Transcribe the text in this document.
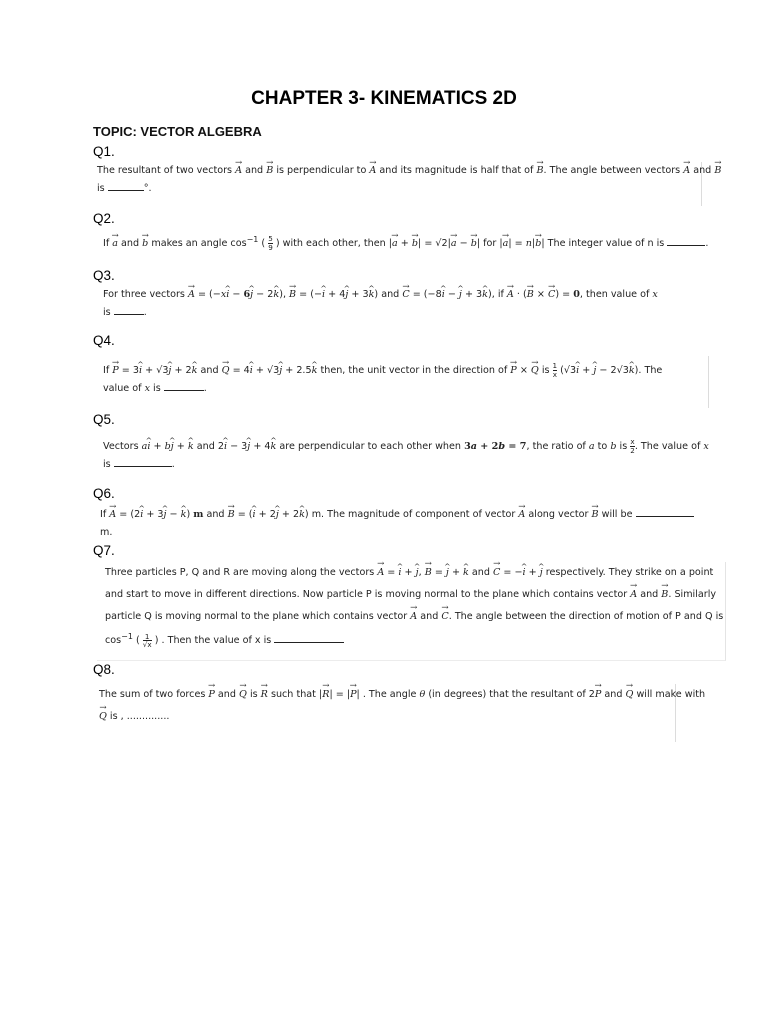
CHAPTER 3- KINEMATICS 2D
TOPIC: VECTOR ALGEBRA
Q1.
The resultant of two vectors → A and → B is perpendicular to → A and its magnitude is half that of → B. The angle between vectors → A and → B
is	°.
Q2.
If → a and → b makes an angle $\cos^{-1}$ ( $\frac{5}{9}$ ) with each other, then |→ a + → b| = √2|→ a − → b| for |→ a| = n|→ b| The integer value of n is	.
Q3.
For three vectors → A = (−x^ i − 6^ j − 2^ k), → B = (−^ i + 4^ j + 3^ k) and → C = (−8^ i − ^ j + 3^ k), if → A · (→ B × → C) = 0, then value of x
is	.
Q4.
If → P = 3^ i + √3^ j + 2^ k and → Q = 4^ i + √3^ j + 2.5^ k then, the unit vector in the direction of → P × → Q is $\frac{1}{x}$ (√3^ i + ^ j − 2√3^ k). The
value of x is	.
Q5.
Vectors a^ i + b^ j + ^ k and 2^ i − 3^ j + 4^ k are perpendicular to each other when 3a + 2b = 7, the ratio of a to b is $\frac{x}{2}$ . The value of x
is	.
Q6.
If → A = (2^ i + 3^ j − ^ k) m and → B = (^ i + 2^ j + 2^ k) m. The magnitude of component of vector → A along vector → B will be
m.
Q7.
Three particles P, Q and R are moving along the vectors → A = ^ i + ^ j, → B = ^ j + ^ k and → C = −^ i + ^ j respectively. They strike on a point
and start to move in different directions. Now particle P is moving normal to the plane which contains vector → A and → B. Similarly
particle Q is moving normal to the plane which contains vector → A and → C. The angle between the direction of motion of P and Q is
$\cos^{-1}$ ( $\frac{1}{√x}$ ) . Then the value of x is
Q8.
The sum of two forces → P and → Q is → R such that |→ R| = |→ P| . The angle θ (in degrees) that the resultant of 2→ P and → Q will make with
→ Q is , ..............
